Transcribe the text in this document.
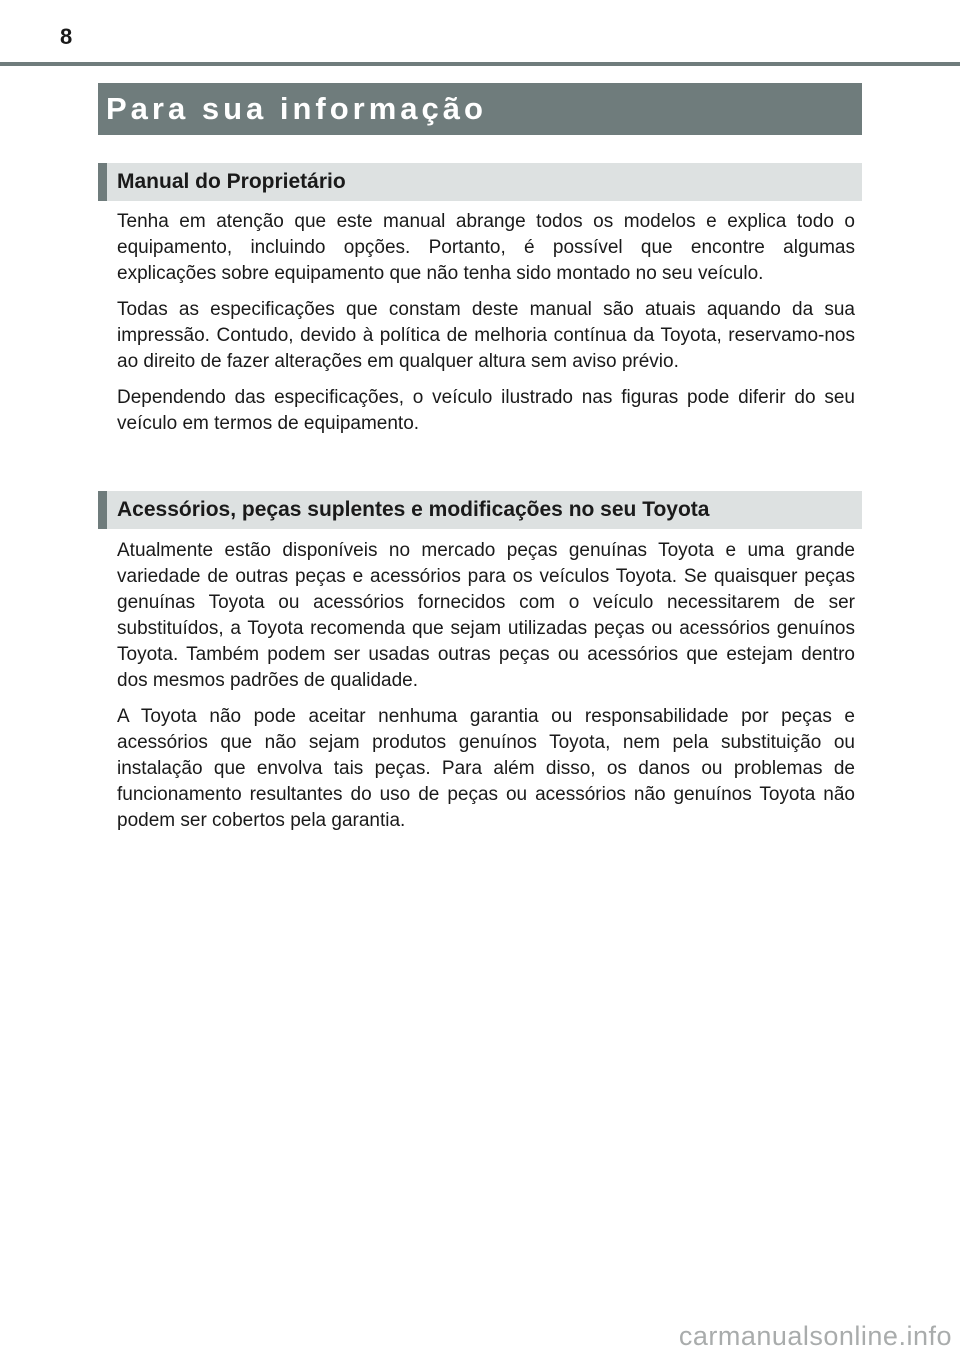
8
Para sua informação
Manual do Proprietário

Tenha em atenção que este manual abrange todos os modelos e explica todo o equipamento, incluindo opções. Portanto, é possível que encontre algumas explicações sobre equipamento que não tenha sido montado no seu veículo.

Todas as especificações que constam deste manual são atuais aquando da sua impressão. Contudo, devido à política de melhoria contínua da Toyota, reservamo-nos ao direito de fazer alterações em qualquer altura sem aviso prévio.

Dependendo das especificações, o veículo ilustrado nas figuras pode diferir do seu veículo em termos de equipamento.

Acessórios, peças suplentes e modificações no seu Toyota

Atualmente estão disponíveis no mercado peças genuínas Toyota e uma grande variedade de outras peças e acessórios para os veículos Toyota. Se quaisquer peças genuínas Toyota ou acessórios fornecidos com o veículo necessitarem de ser substituídos, a Toyota recomenda que sejam utilizadas peças ou acessórios genuínos Toyota. Também podem ser usadas outras peças ou acessórios que estejam dentro dos mesmos padrões de qualidade.

A Toyota não pode aceitar nenhuma garantia ou responsabilidade por peças e acessórios que não sejam produtos genuínos Toyota, nem pela substituição ou instalação que envolva tais peças. Para além disso, os danos ou problemas de funcionamento resultantes do uso de peças ou acessórios não genuínos Toyota não podem ser cobertos pela garantia.

carmanualsonline.info
